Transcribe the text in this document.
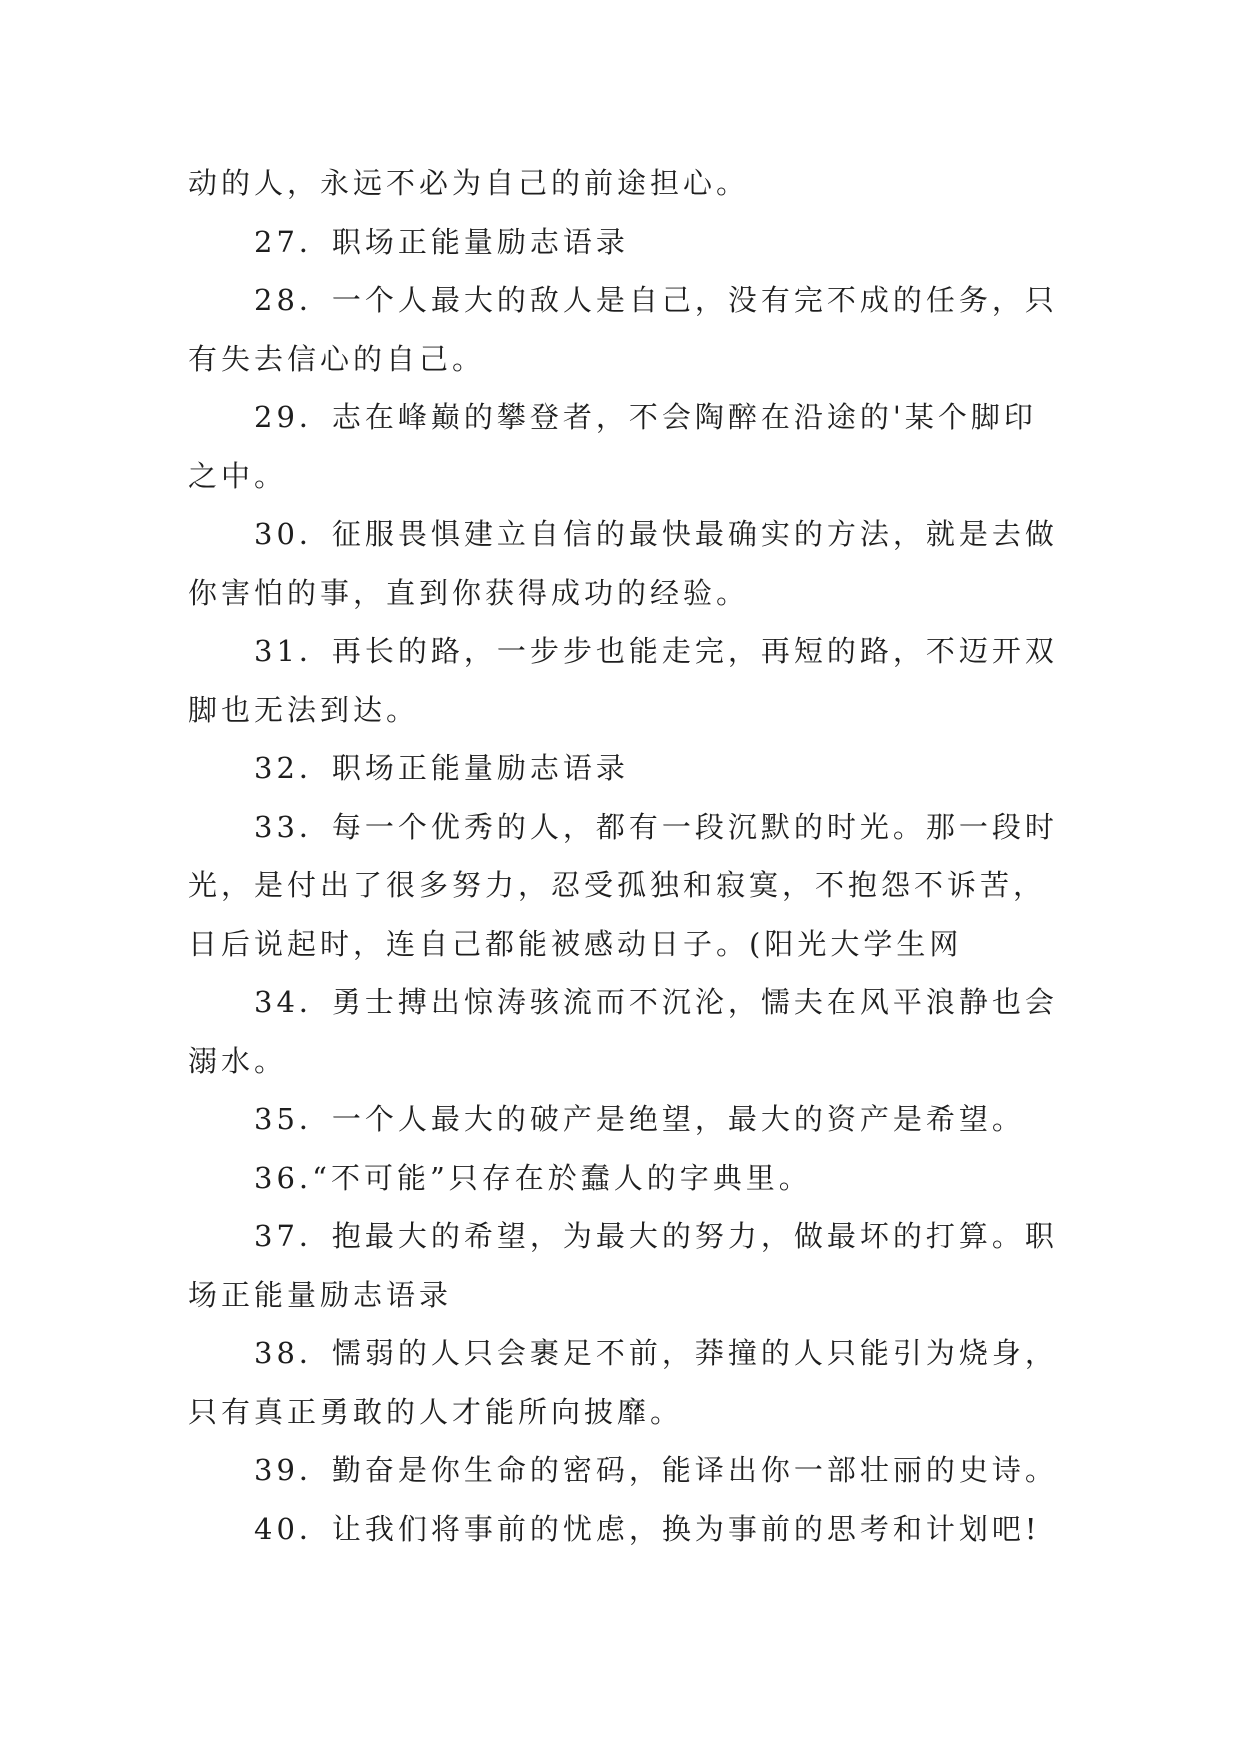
动的人，永远不必为自己的前途担心。
27．职场正能量励志语录
28．一个人最大的敌人是自己，没有完不成的任务，只
有失去信心的自己。
29．志在峰巅的攀登者，不会陶醉在沿途的'某个脚印
之中。
30．征服畏惧建立自信的最快最确实的方法，就是去做
你害怕的事，直到你获得成功的经验。
31．再长的路，一步步也能走完，再短的路，不迈开双
脚也无法到达。
32．职场正能量励志语录
33．每一个优秀的人，都有一段沉默的时光。那一段时
光，是付出了很多努力，忍受孤独和寂寞，不抱怨不诉苦，
日后说起时，连自己都能被感动日子。(阳光大学生网
34．勇士搏出惊涛骇流而不沉沦，懦夫在风平浪静也会
溺水。
35．一个人最大的破产是绝望，最大的资产是希望。
36.“不可能”只存在於蠢人的字典里。
37．抱最大的希望，为最大的努力，做最坏的打算。职
场正能量励志语录
38．懦弱的人只会裹足不前，莽撞的人只能引为烧身，
只有真正勇敢的人才能所向披靡。
39．勤奋是你生命的密码，能译出你一部壮丽的史诗。
40．让我们将事前的忧虑，换为事前的思考和计划吧!
